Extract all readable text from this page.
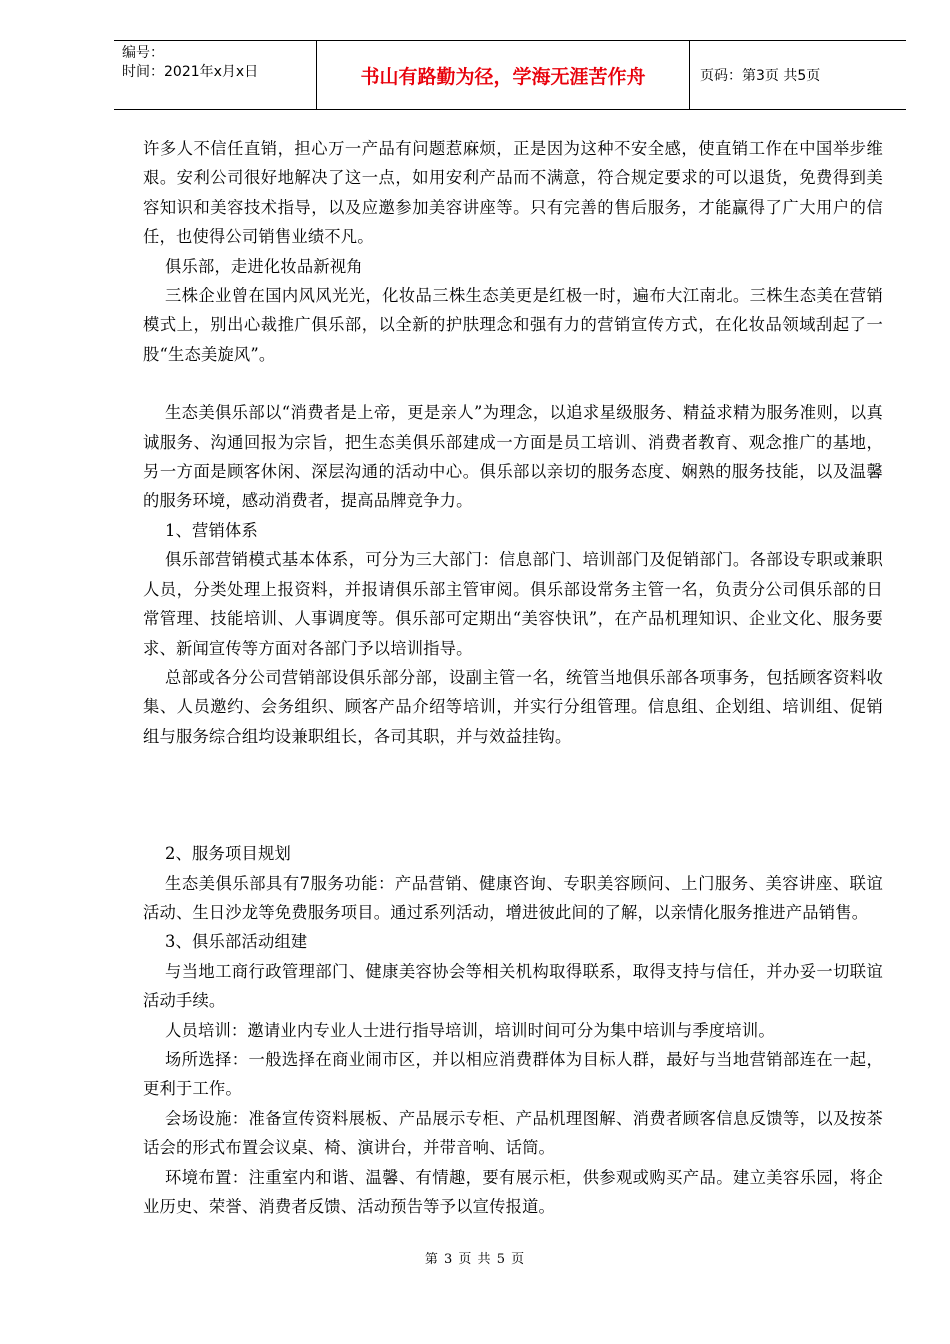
编号：
时间：2021年x月x日	书山有路勤为径，学海无涯苦作舟	页码：第3页 共5页

许多人不信任直销，担心万一产品有问题惹麻烦，正是因为这种不安全感，使直销工作在中国举步维艰。安利公司很好地解决了这一点，如用安利产品而不满意，符合规定要求的可以退货，免费得到美容知识和美容技术指导，以及应邀参加美容讲座等。只有完善的售后服务，才能赢得了广大用户的信任，也使得公司销售业绩不凡。

俱乐部，走进化妆品新视角

三株企业曾在国内风风光光，化妆品三株生态美更是红极一时，遍布大江南北。三株生态美在营销模式上，别出心裁推广俱乐部，以全新的护肤理念和强有力的营销宣传方式，在化妆品领域刮起了一股“生态美旋风”。

生态美俱乐部以“消费者是上帝，更是亲人”为理念，以追求星级服务、精益求精为服务准则，以真诚服务、沟通回报为宗旨，把生态美俱乐部建成一方面是员工培训、消费者教育、观念推广的基地，另一方面是顾客休闲、深层沟通的活动中心。俱乐部以亲切的服务态度、娴熟的服务技能，以及温馨的服务环境，感动消费者，提高品牌竞争力。

1、营销体系

俱乐部营销模式基本体系，可分为三大部门：信息部门、培训部门及促销部门。各部设专职或兼职人员，分类处理上报资料，并报请俱乐部主管审阅。俱乐部设常务主管一名，负责分公司俱乐部的日常管理、技能培训、人事调度等。俱乐部可定期出“美容快讯”，在产品机理知识、企业文化、服务要求、新闻宣传等方面对各部门予以培训指导。

总部或各分公司营销部设俱乐部分部，设副主管一名，统管当地俱乐部各项事务，包括顾客资料收集、人员邀约、会务组织、顾客产品介绍等培训，并实行分组管理。信息组、企划组、培训组、促销组与服务综合组均设兼职组长，各司其职，并与效益挂钩。

2、服务项目规划

生态美俱乐部具有7服务功能：产品营销、健康咨询、专职美容顾问、上门服务、美容讲座、联谊活动、生日沙龙等免费服务项目。通过系列活动，增进彼此间的了解，以亲情化服务推进产品销售。

3、俱乐部活动组建

与当地工商行政管理部门、健康美容协会等相关机构取得联系，取得支持与信任，并办妥一切联谊活动手续。

人员培训：邀请业内专业人士进行指导培训，培训时间可分为集中培训与季度培训。

场所选择：一般选择在商业闹市区，并以相应消费群体为目标人群，最好与当地营销部连在一起，更利于工作。

会场设施：准备宣传资料展板、产品展示专柜、产品机理图解、消费者顾客信息反馈等，以及按茶话会的形式布置会议桌、椅、演讲台，并带音响、话筒。

环境布置：注重室内和谐、温馨、有情趣，要有展示柜，供参观或购买产品。建立美容乐园，将企业历史、荣誉、消费者反馈、活动预告等予以宣传报道。

第 3 页 共 5 页
